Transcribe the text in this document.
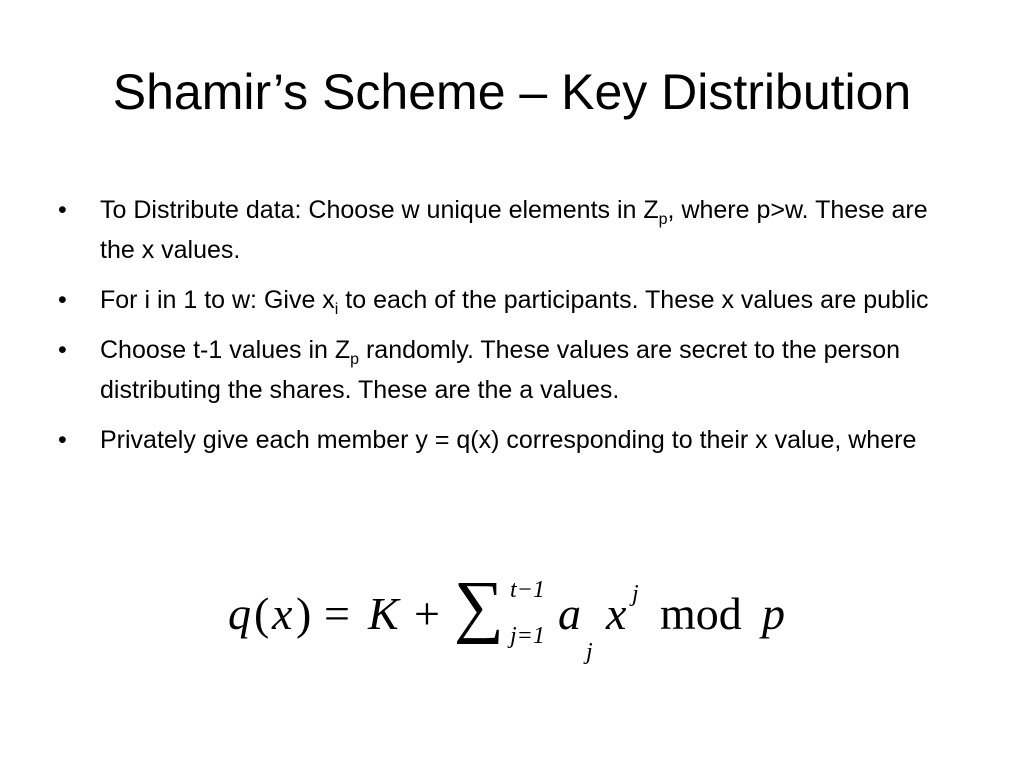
Shamir’s Scheme – Key Distribution
• To Distribute data: Choose w unique elements in $Z_p$, where p>w. These are the x values.
• For i in 1 to w: Give $x_i$ to each of the participants. These x values are public
• Choose t-1 values in $Z_p$ randomly. These values are secret to the person distributing the shares. These are the a values.
• Privately give each member y = q(x) corresponding to their x value, where
q ( x ) = K + ∑ t−1
j=1 a
j
x j mod p
